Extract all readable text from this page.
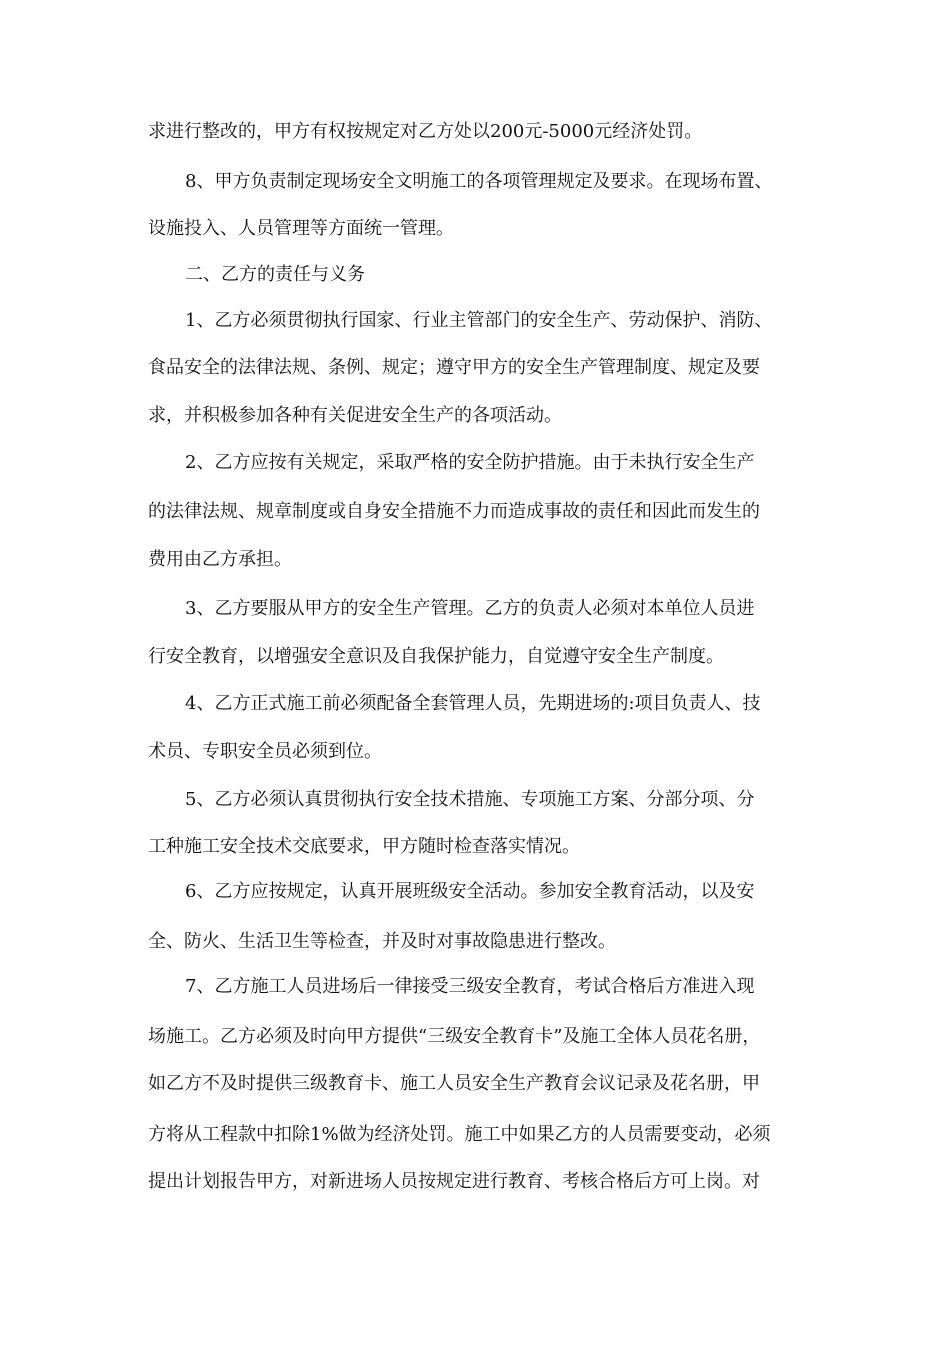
求进行整改的，甲方有权按规定对乙方处以200元-5000元经济处罚。
8、甲方负责制定现场安全文明施工的各项管理规定及要求。在现场布置、
设施投入、人员管理等方面统一管理。
二、乙方的责任与义务
1、乙方必须贯彻执行国家、行业主管部门的安全生产、劳动保护、消防、
食品安全的法律法规、条例、规定；遵守甲方的安全生产管理制度、规定及要
求，并积极参加各种有关促进安全生产的各项活动。
2、乙方应按有关规定，采取严格的安全防护措施。由于未执行安全生产
的法律法规、规章制度或自身安全措施不力而造成事故的责任和因此而发生的
费用由乙方承担。
3、乙方要服从甲方的安全生产管理。乙方的负责人必须对本单位人员进
行安全教育，以增强安全意识及自我保护能力，自觉遵守安全生产制度。
4、乙方正式施工前必须配备全套管理人员，先期进场的:项目负责人、技
术员、专职安全员必须到位。
5、乙方必须认真贯彻执行安全技术措施、专项施工方案、分部分项、分
工种施工安全技术交底要求，甲方随时检查落实情况。
6、乙方应按规定，认真开展班级安全活动。参加安全教育活动，以及安
全、防火、生活卫生等检查，并及时对事故隐患进行整改。
7、乙方施工人员进场后一律接受三级安全教育，考试合格后方准进入现
场施工。乙方必须及时向甲方提供“三级安全教育卡”及施工全体人员花名册，
如乙方不及时提供三级教育卡、施工人员安全生产教育会议记录及花名册，甲
方将从工程款中扣除1%做为经济处罚。施工中如果乙方的人员需要变动，必须
提出计划报告甲方，对新进场人员按规定进行教育、考核合格后方可上岗。对
